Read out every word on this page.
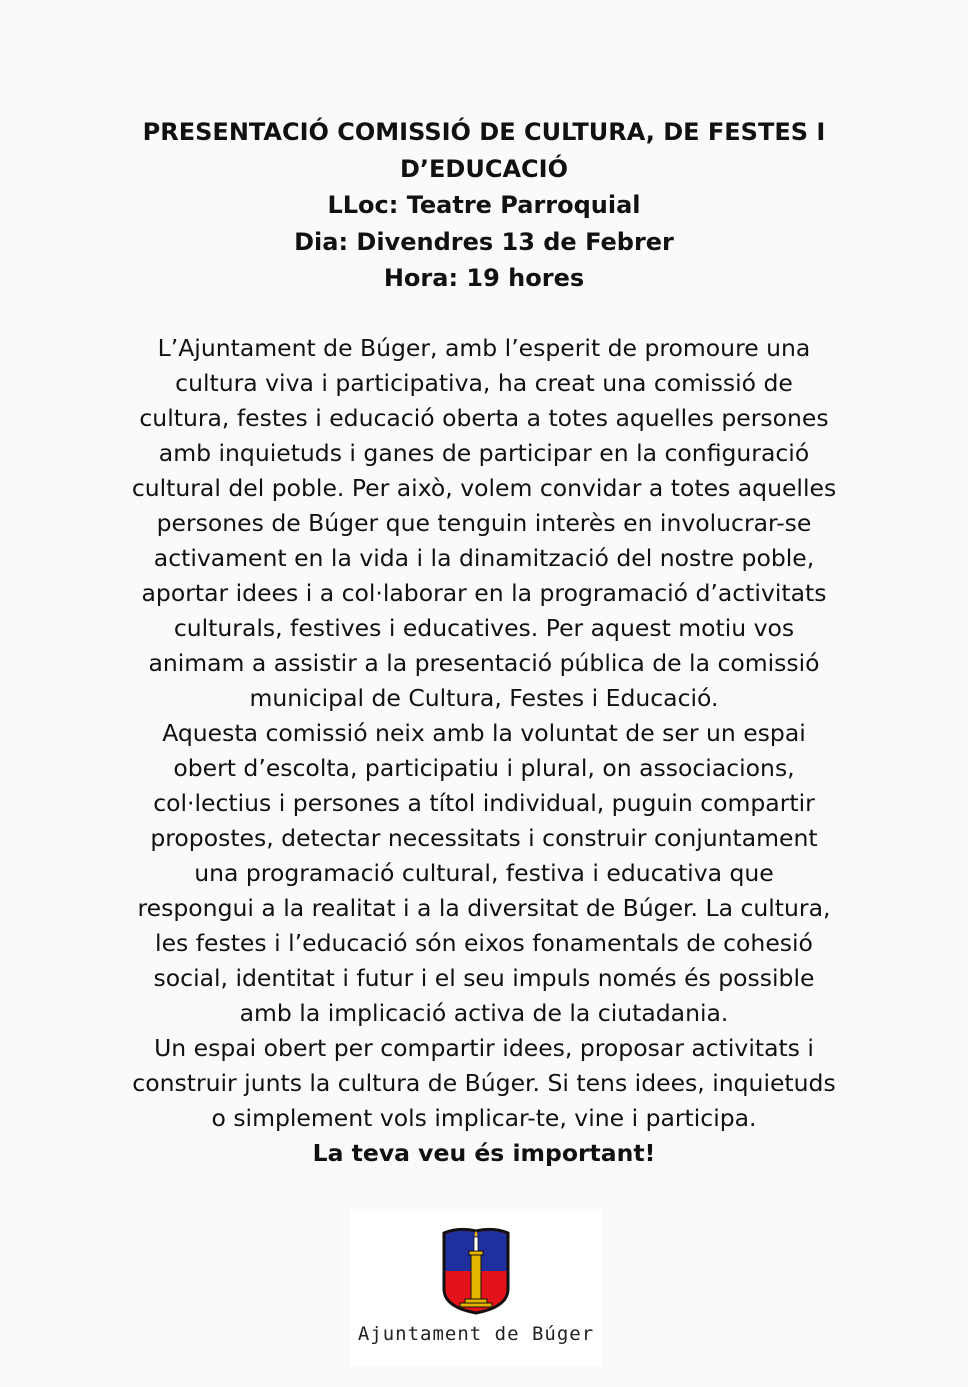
PRESENTACIÓ COMISSIÓ DE CULTURA, DE FESTES I
D’EDUCACIÓ
LLoc: Teatre Parroquial
Dia: Divendres 13 de Febrer
Hora: 19 hores
L’Ajuntament de Búger, amb l’esperit de promoure una
cultura viva i participativa, ha creat una comissió de
cultura, festes i educació oberta a totes aquelles persones
amb inquietuds i ganes de participar en la configuració
cultural del poble. Per això, volem convidar a totes aquelles
persones de Búger que tenguin interès en involucrar-se
activament en la vida i la dinamització del nostre poble,
aportar idees i a col·laborar en la programació d’activitats
culturals, festives i educatives. Per aquest motiu vos
animam a assistir a la presentació pública de la comissió
municipal de Cultura, Festes i Educació.
Aquesta comissió neix amb la voluntat de ser un espai
obert d’escolta, participatiu i plural, on associacions,
col·lectius i persones a títol individual, puguin compartir
propostes, detectar necessitats i construir conjuntament
una programació cultural, festiva i educativa que
respongui a la realitat i a la diversitat de Búger. La cultura,
les festes i l’educació són eixos fonamentals de cohesió
social, identitat i futur i el seu impuls només és possible
amb la implicació activa de la ciutadania.
Un espai obert per compartir idees, proposar activitats i
construir junts la cultura de Búger. Si tens idees, inquietuds
o simplement vols implicar-te, vine i participa.
La teva veu és important!
Ajuntament de Búger
